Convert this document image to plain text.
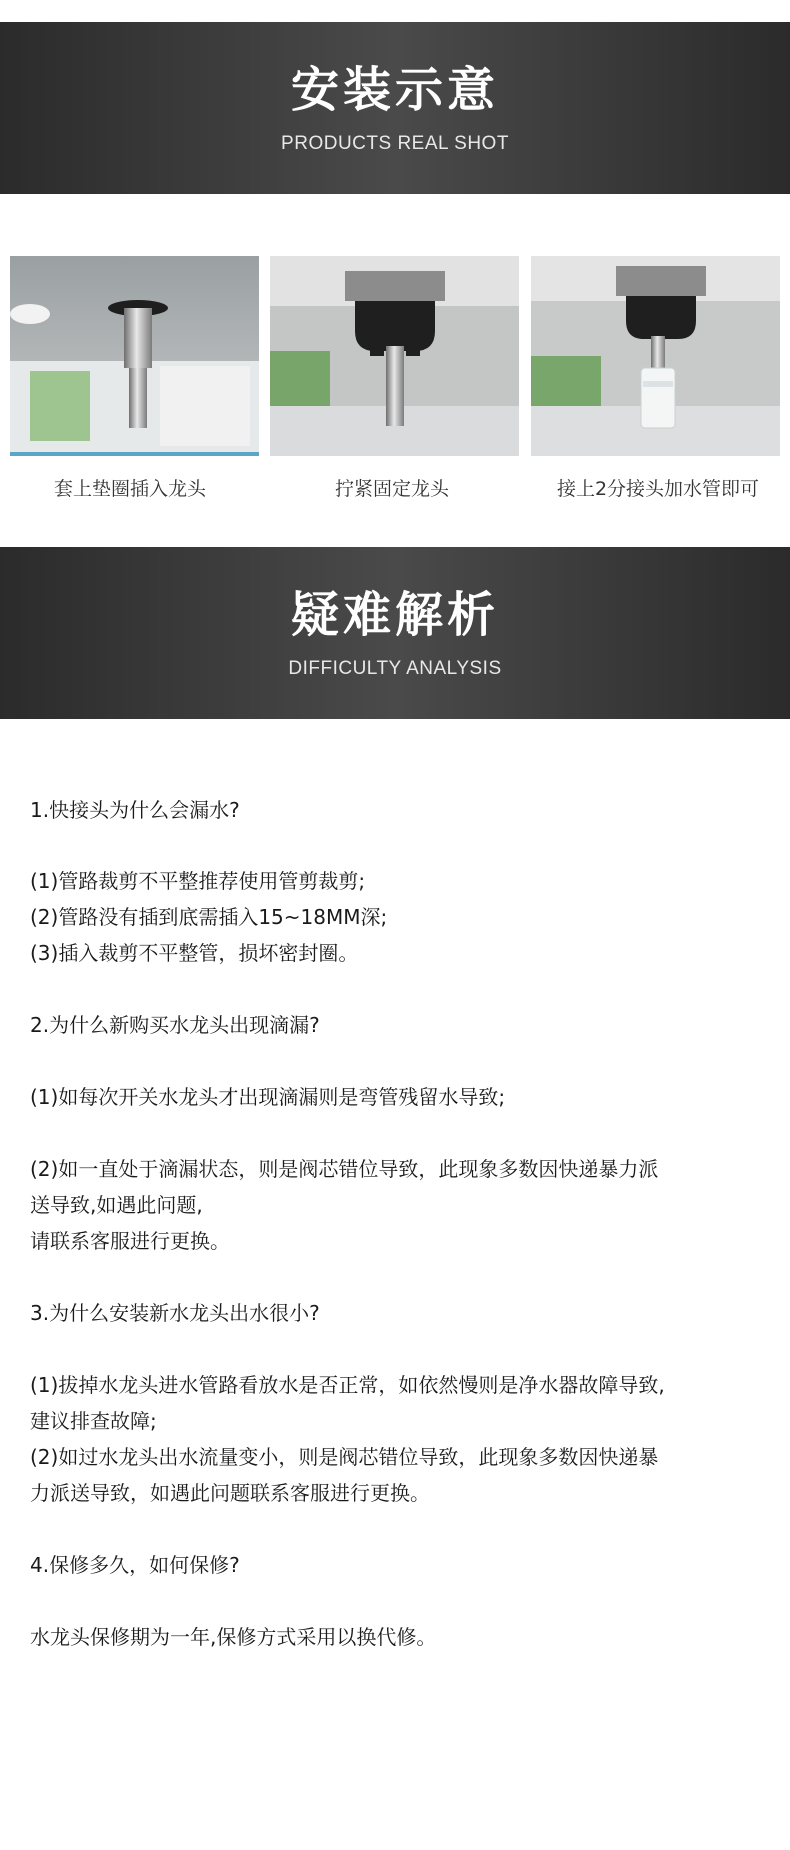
安装示意
PRODUCTS REAL SHOT
套上垫圈插入龙头	拧紧固定龙头	接上2分接头加水管即可
疑难解析
DIFFICULTY ANALYSIS
1.快接头为什么会漏水?
(1)管路裁剪不平整推荐使用管剪裁剪;
(2)管路没有插到底需插入15~18MM深;
(3)插入裁剪不平整管，损坏密封圈。
2.为什么新购买水龙头出现滴漏?
(1)如每次开关水龙头才出现滴漏则是弯管残留水导致;
(2)如一直处于滴漏状态，则是阀芯错位导致，此现象多数因快递暴力派
送导致,如遇此问题,
请联系客服进行更换。
3.为什么安装新水龙头出水很小?
(1)拔掉水龙头进水管路看放水是否正常，如依然慢则是净水器故障导致,
建议排查故障;
(2)如过水龙头出水流量变小，则是阀芯错位导致，此现象多数因快递暴
力派送导致，如遇此问题联系客服进行更换。
4.保修多久，如何保修?
水龙头保修期为一年,保修方式采用以换代修。
